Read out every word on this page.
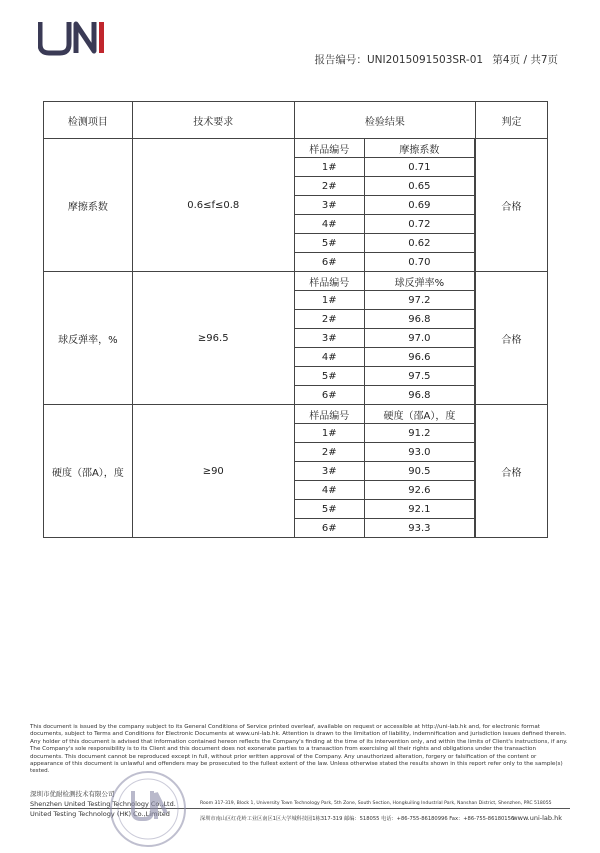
报告编号：UNI2015091503SR-01 第4页 / 共7页
检测项目	技术要求	检验结果		判定
摩擦系数	0.6≤f≤0.8	样品编号	摩擦系数		合格
		1#	0.71	
		2#	0.65	
		3#	0.69	
		4#	0.72	
		5#	0.62	
		6#	0.70	
球反弹率，%	≥96.5	样品编号	球反弹率%		合格
		1#	97.2	
		2#	96.8	
		3#	97.0	
		4#	96.6	
		5#	97.5	
		6#	96.8	
硬度（邵A），度	≥90	样品编号	硬度（邵A），度		合格
		1#	91.2	
		2#	93.0	
		3#	90.5	
		4#	92.6	
		5#	92.1	
		6#	93.3	
This document is issued by the company subject to its General Conditions of Service printed overleaf, available on request or accessible at http://uni-lab.hk and, for electronic format documents, subject to Terms and Conditions for Electronic Documents at www.uni-lab.hk. Attention is drawn to the limitation of liability, indemnification and jurisdiction issues defined therein. Any holder of this document is advised that information contained hereon reflects the Company's finding at the time of its intervention only, and within the limits of Client's instructions, if any. The Company's sole responsibility is to its Client and this document does not exonerate parties to a transaction from exercising all their rights and obligations under the transaction documents. This document cannot be reproduced except in full, without prior written approval of the Company. Any unauthorized alteration, forgery or falsification of the content or appearance of this document is unlawful and offenders may be prosecuted to the fullest extent of the law. Unless otherwise stated the results shown in this report refer only to the sample(s) tested.
深圳市优耐检测技术有限公司
Shenzhen United Testing Technology Co.,Ltd.
United Testing Technology (HK) Co.,Limited
Room 317-319, Block 1, University Town Technology Park, 5th Zone, South Section, Hongkuiling Industrial Park, Nanshan District, Shenzhen, PRC 518055
深圳市南山区红花岭工业区南区1区大学城科技园1栋317-319 邮编：518055 电话：+86-755-86180996 Fax：+86-755-86180156
www.uni-lab.hk
